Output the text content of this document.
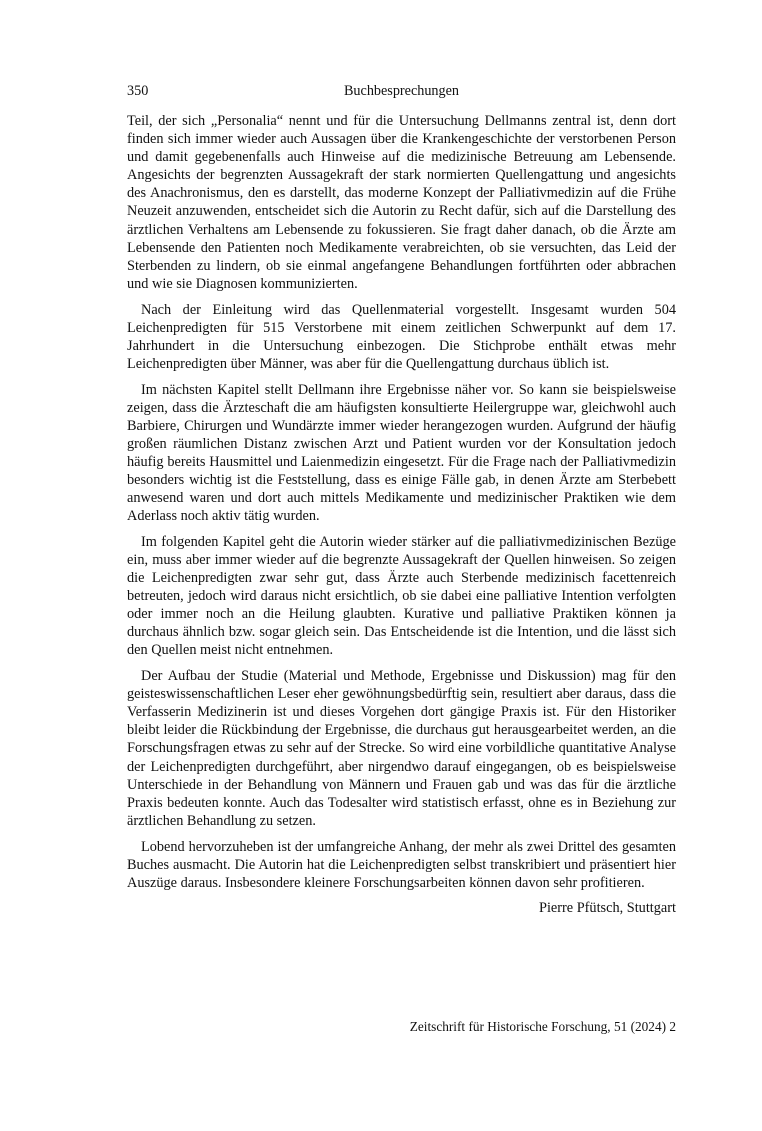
350	Buchbesprechungen

Teil, der sich „Personalia“ nennt und für die Untersuchung Dellmanns zentral ist, denn dort finden sich immer wieder auch Aussagen über die Krankengeschichte der verstorbenen Person und damit gegebenenfalls auch Hinweise auf die medizinische Betreuung am Lebensende. Angesichts der begrenzten Aussagekraft der stark normierten Quellengattung und angesichts des Anachronismus, den es darstellt, das moderne Konzept der Palliativmedizin auf die Frühe Neuzeit anzuwenden, entscheidet sich die Autorin zu Recht dafür, sich auf die Darstellung des ärztlichen Verhaltens am Lebensende zu fokussieren. Sie fragt daher danach, ob die Ärzte am Lebensende den Patienten noch Medikamente verabreichten, ob sie versuchten, das Leid der Sterbenden zu lindern, ob sie einmal angefangene Behandlungen fortführten oder abbrachen und wie sie Diagnosen kommunizierten.

Nach der Einleitung wird das Quellenmaterial vorgestellt. Insgesamt wurden 504 Leichenpredigten für 515 Verstorbene mit einem zeitlichen Schwerpunkt auf dem 17. Jahrhundert in die Untersuchung einbezogen. Die Stichprobe enthält etwas mehr Leichenpredigten über Männer, was aber für die Quellengattung durchaus üblich ist.

Im nächsten Kapitel stellt Dellmann ihre Ergebnisse näher vor. So kann sie beispielsweise zeigen, dass die Ärzteschaft die am häufigsten konsultierte Heilergruppe war, gleichwohl auch Barbiere, Chirurgen und Wundärzte immer wieder herangezogen wurden. Aufgrund der häufig großen räumlichen Distanz zwischen Arzt und Patient wurden vor der Konsultation jedoch häufig bereits Hausmittel und Laienmedizin eingesetzt. Für die Frage nach der Palliativmedizin besonders wichtig ist die Feststellung, dass es einige Fälle gab, in denen Ärzte am Sterbebett anwesend waren und dort auch mittels Medikamente und medizinischer Praktiken wie dem Aderlass noch aktiv tätig wurden.

Im folgenden Kapitel geht die Autorin wieder stärker auf die palliativmedizinischen Bezüge ein, muss aber immer wieder auf die begrenzte Aussagekraft der Quellen hinweisen. So zeigen die Leichenpredigten zwar sehr gut, dass Ärzte auch Sterbende medizinisch facettenreich betreuten, jedoch wird daraus nicht ersichtlich, ob sie dabei eine palliative Intention verfolgten oder immer noch an die Heilung glaubten. Kurative und palliative Praktiken können ja durchaus ähnlich bzw. sogar gleich sein. Das Entscheidende ist die Intention, und die lässt sich den Quellen meist nicht entnehmen.

Der Aufbau der Studie (Material und Methode, Ergebnisse und Diskussion) mag für den geisteswissenschaftlichen Leser eher gewöhnungsbedürftig sein, resultiert aber daraus, dass die Verfasserin Medizinerin ist und dieses Vorgehen dort gängige Praxis ist. Für den Historiker bleibt leider die Rückbindung der Ergebnisse, die durchaus gut herausgearbeitet werden, an die Forschungsfragen etwas zu sehr auf der Strecke. So wird eine vorbildliche quantitative Analyse der Leichenpredigten durchgeführt, aber nirgendwo darauf eingegangen, ob es beispielsweise Unterschiede in der Behandlung von Männern und Frauen gab und was das für die ärztliche Praxis bedeuten konnte. Auch das Todesalter wird statistisch erfasst, ohne es in Beziehung zur ärztlichen Behandlung zu setzen.

Lobend hervorzuheben ist der umfangreiche Anhang, der mehr als zwei Drittel des gesamten Buches ausmacht. Die Autorin hat die Leichenpredigten selbst transkribiert und präsentiert hier Auszüge daraus. Insbesondere kleinere Forschungsarbeiten können davon sehr profitieren.

Pierre Pfütsch, Stuttgart
Zeitschrift für Historische Forschung, 51 (2024) 2
